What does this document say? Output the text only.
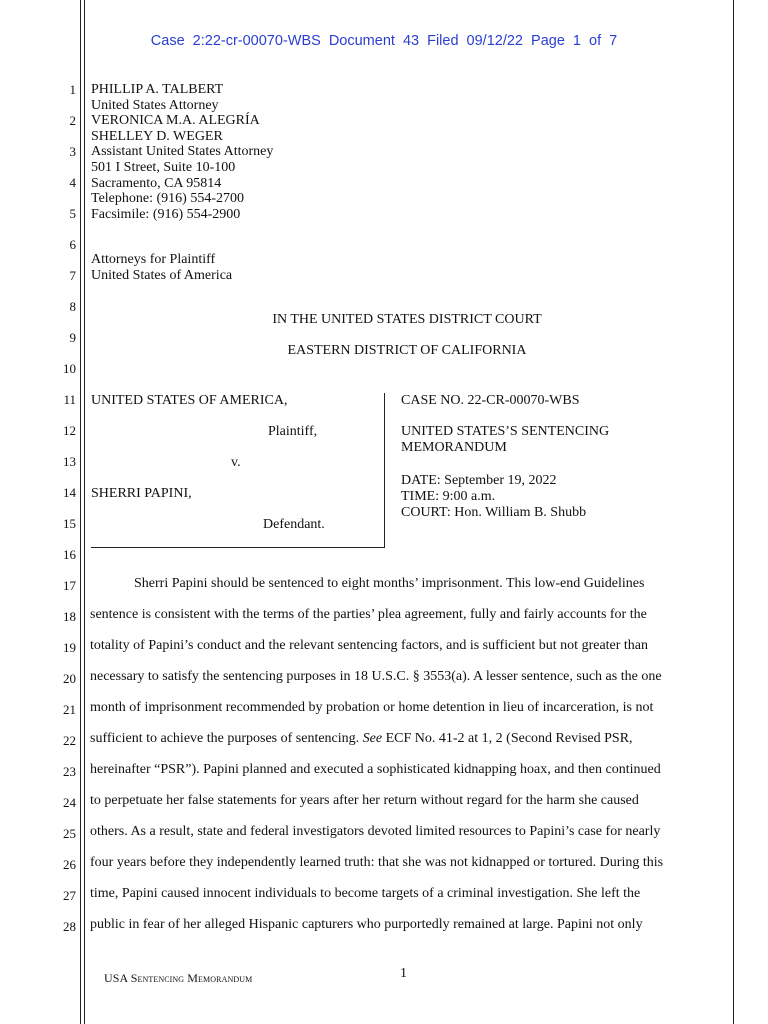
Case 2:22-cr-00070-WBS Document 43 Filed 09/12/22 Page 1 of 7
1
2
3
4
5
6
7
8
9
10
11
12
13
14
15
16
17
18
19
20
21
22
23
24
25
26
27
28
PHILLIP A. TALBERT
United States Attorney
VERONICA M.A. ALEGRÍA
SHELLEY D. WEGER
Assistant United States Attorney
501 I Street, Suite 10-100
Sacramento, CA 95814
Telephone: (916) 554-2700
Facsimile: (916) 554-2900
Attorneys for Plaintiff
United States of America
IN THE UNITED STATES DISTRICT COURT
EASTERN DISTRICT OF CALIFORNIA
UNITED STATES OF AMERICA,
Plaintiff,
v.
SHERRI PAPINI,
Defendant.
CASE NO. 22-CR-00070-WBS
UNITED STATES’S SENTENCING
MEMORANDUM
DATE: September 19, 2022
TIME: 9:00 a.m.
COURT: Hon. William B. Shubb
Sherri Papini should be sentenced to eight months’ imprisonment. This low-end Guidelines
sentence is consistent with the terms of the parties’ plea agreement, fully and fairly accounts for the
totality of Papini’s conduct and the relevant sentencing factors, and is sufficient but not greater than
necessary to satisfy the sentencing purposes in 18 U.S.C. § 3553(a). A lesser sentence, such as the one
month of imprisonment recommended by probation or home detention in lieu of incarceration, is not
sufficient to achieve the purposes of sentencing. See ECF No. 41-2 at 1, 2 (Second Revised PSR,
hereinafter “PSR”). Papini planned and executed a sophisticated kidnapping hoax, and then continued
to perpetuate her false statements for years after her return without regard for the harm she caused
others. As a result, state and federal investigators devoted limited resources to Papini’s case for nearly
four years before they independently learned truth: that she was not kidnapped or tortured. During this
time, Papini caused innocent individuals to become targets of a criminal investigation. She left the
public in fear of her alleged Hispanic capturers who purportedly remained at large. Papini not only
USA Sentencing Memorandum	1
